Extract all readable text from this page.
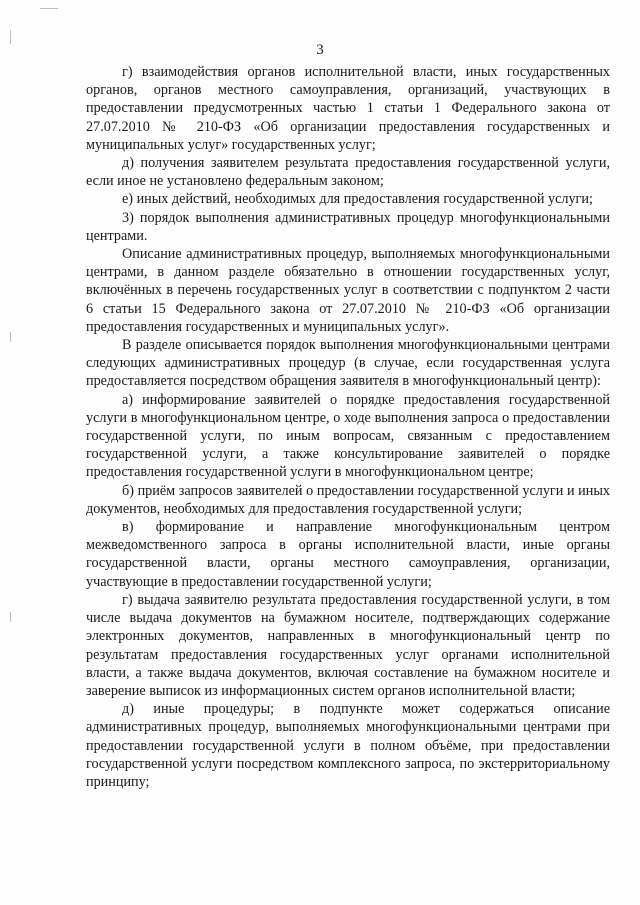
3

г) взаимодействия органов исполнительной власти, иных государственных органов, органов местного самоуправления, организаций, участвующих в предоставлении предусмотренных частью 1 статьи 1 Федерального закона от 27.07.2010 № 210-ФЗ «Об организации предоставления государственных и муниципальных услуг» государственных услуг;

д) получения заявителем результата предоставления государственной услуги, если иное не установлено федеральным законом;

е) иных действий, необходимых для предоставления государственной услуги;

3) порядок выполнения административных процедур многофункциональными центрами.

Описание административных процедур, выполняемых многофункциональными центрами, в данном разделе обязательно в отношении государственных услуг, включённых в перечень государственных услуг в соответствии с подпунктом 2 части 6 статьи 15 Федерального закона от 27.07.2010 № 210-ФЗ «Об организации предоставления государственных и муниципальных услуг».

В разделе описывается порядок выполнения многофункциональными центрами следующих административных процедур (в случае, если государственная услуга предоставляется посредством обращения заявителя в многофункциональный центр):

а) информирование заявителей о порядке предоставления государственной услуги в многофункциональном центре, о ходе выполнения запроса о предоставлении государственной услуги, по иным вопросам, связанным с предоставлением государственной услуги, а также консультирование заявителей о порядке предоставления государственной услуги в многофункциональном центре;

б) приём запросов заявителей о предоставлении государственной услуги и иных документов, необходимых для предоставления государственной услуги;

в) формирование и направление многофункциональным центром межведомственного запроса в органы исполнительной власти, иные органы государственной власти, органы местного самоуправления, организации, участвующие в предоставлении государственной услуги;

г) выдача заявителю результата предоставления государственной услуги, в том числе выдача документов на бумажном носителе, подтверждающих содержание электронных документов, направленных в многофункциональный центр по результатам предоставления государственных услуг органами исполнительной власти, а также выдача документов, включая составление на бумажном носителе и заверение выписок из информационных систем органов исполнительной власти;

д) иные процедуры; в подпункте может содержаться описание административных процедур, выполняемых многофункциональными центрами при предоставлении государственной услуги в полном объёме, при предоставлении государственной услуги посредством комплексного запроса, по экстерриториальному принципу;
